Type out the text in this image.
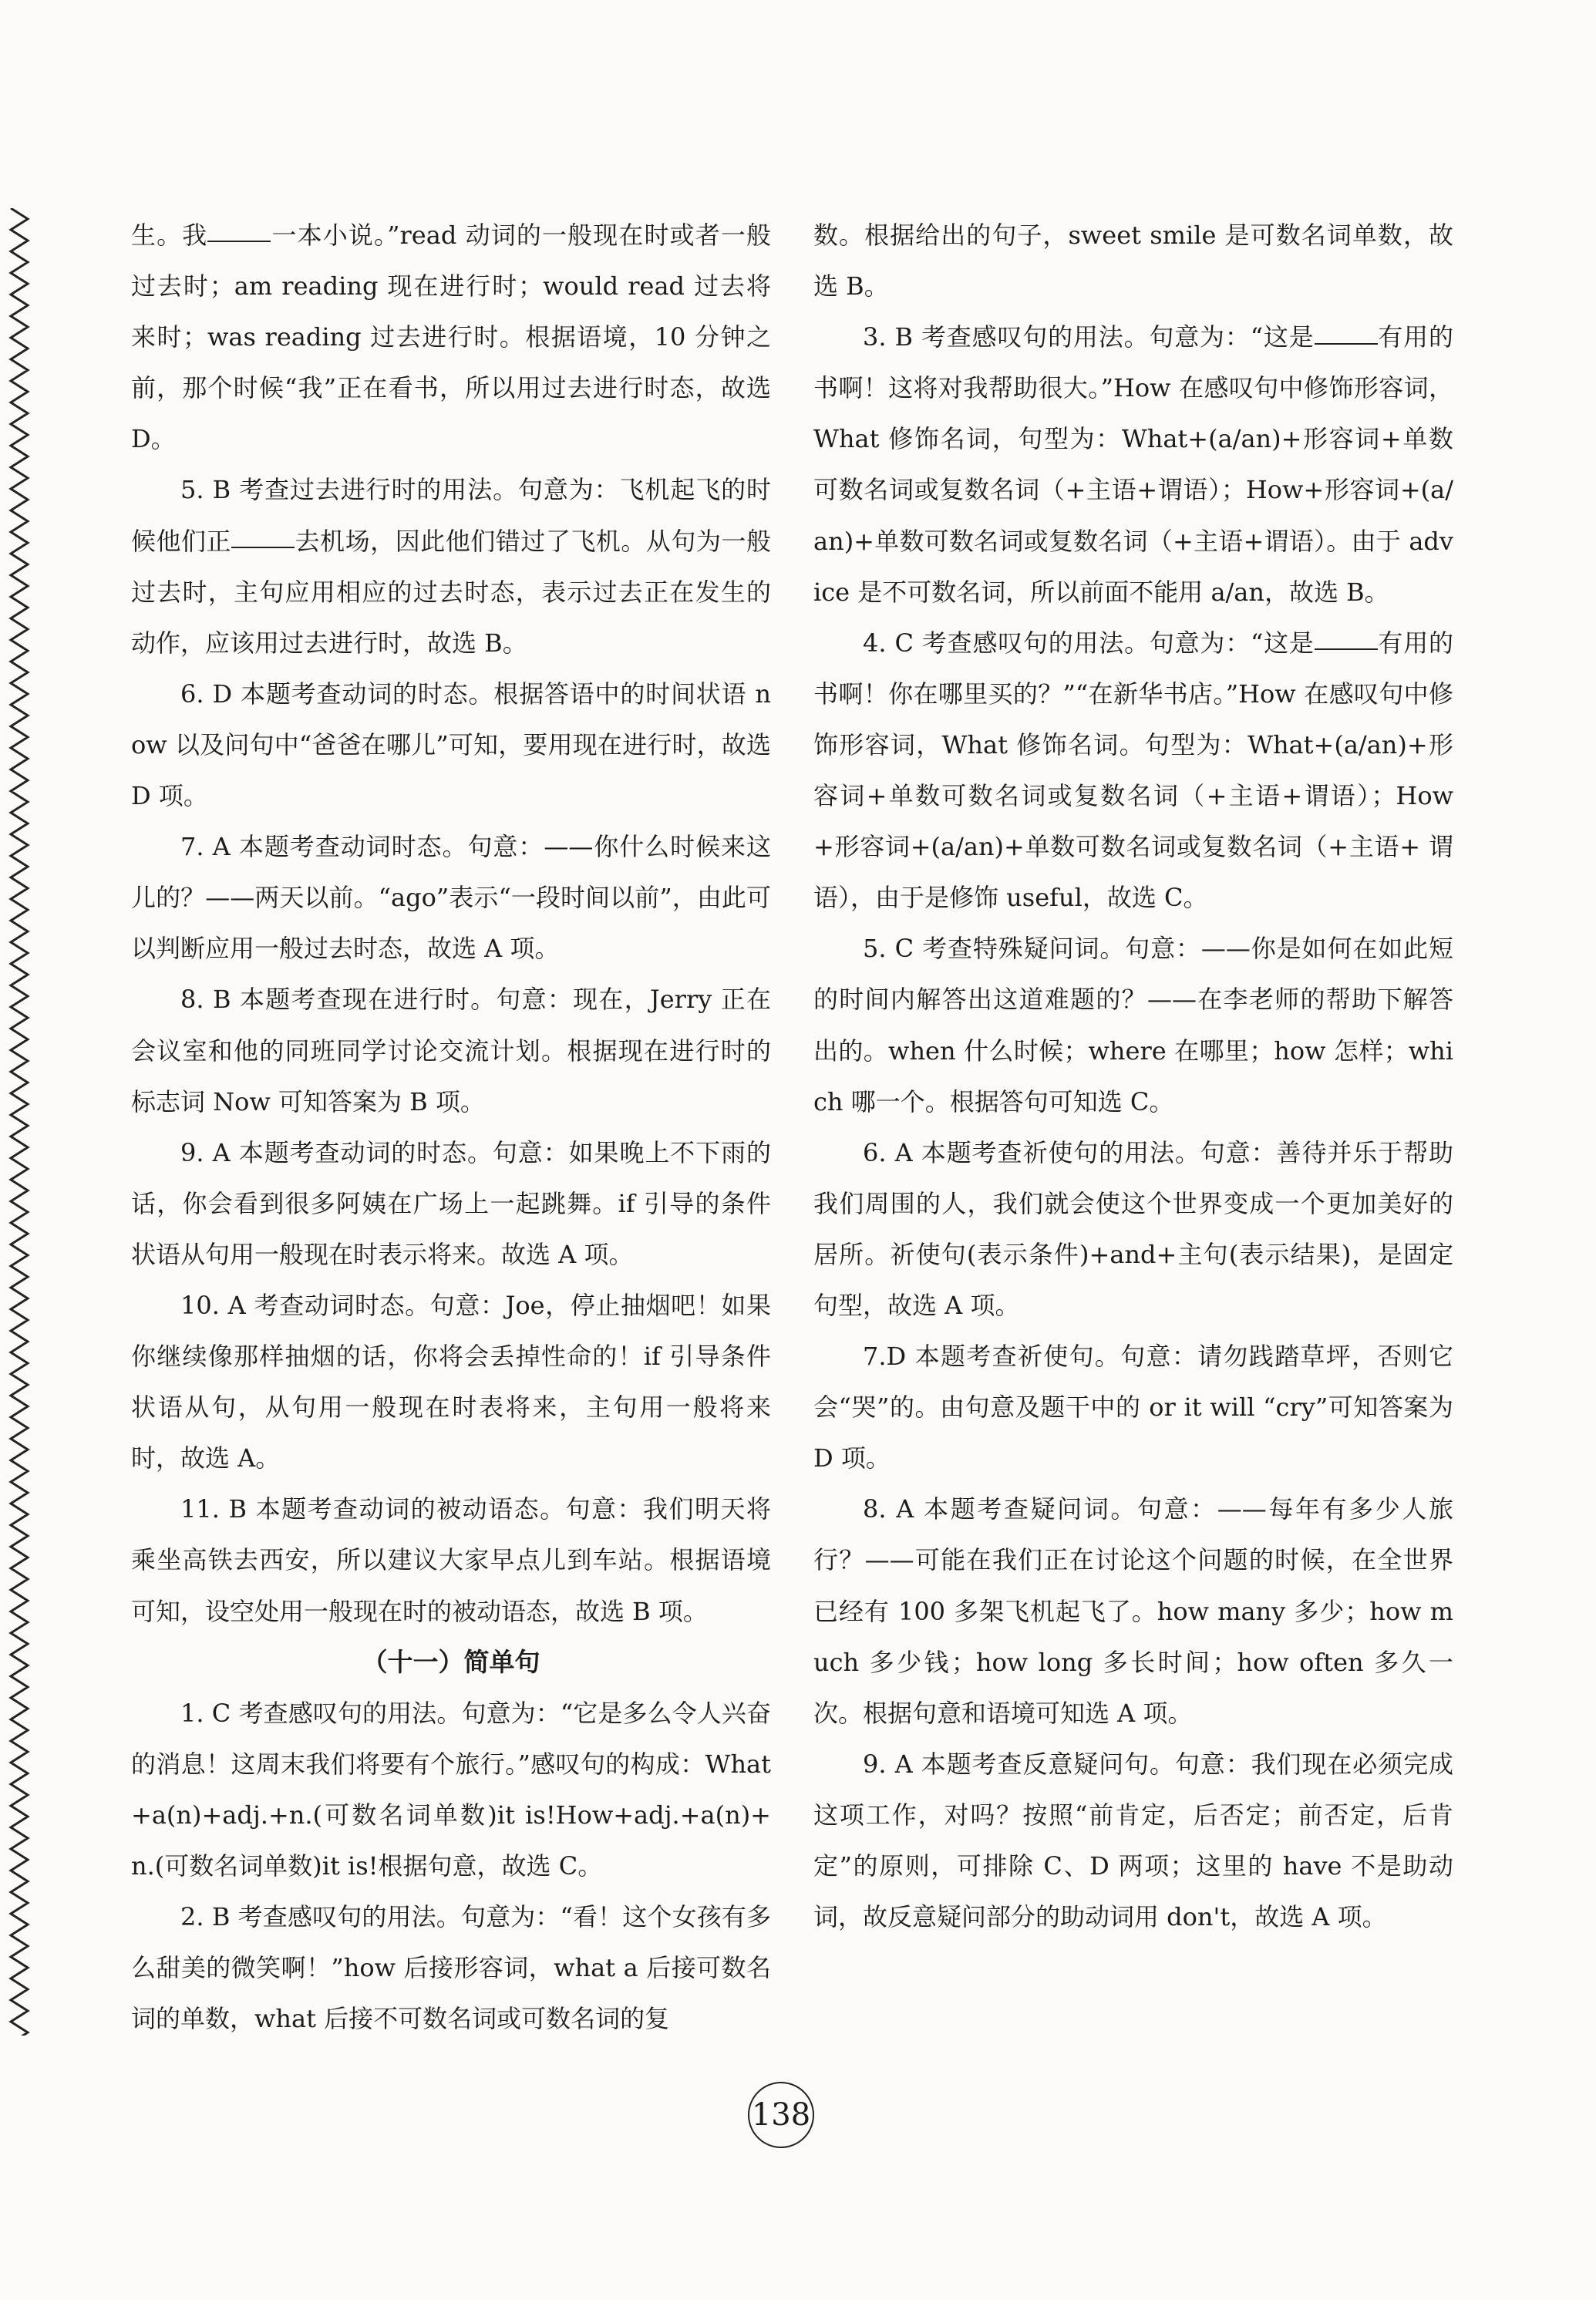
生。我	一本小说。”read 动词的一般现在时或者一般过去时；am reading 现在进行时；would read 过去将来时；was reading 过去进行时。根据语境，10 分钟之前，那个时候“我”正在看书，所以用过去进行时态，故选 D。

5. B 考查过去进行时的用法。句意为：飞机起飞的时候他们正	去机场，因此他们错过了飞机。从句为一般过去时，主句应用相应的过去时态，表示过去正在发生的动作，应该用过去进行时，故选 B。

6. D 本题考查动词的时态。根据答语中的时间状语 now 以及问句中“爸爸在哪儿”可知，要用现在进行时，故选 D 项。

7. A 本题考查动词时态。句意：——你什么时候来这儿的？——两天以前。“ago”表示“一段时间以前”，由此可以判断应用一般过去时态，故选 A 项。

8. B 本题考查现在进行时。句意：现在，Jerry 正在会议室和他的同班同学讨论交流计划。根据现在进行时的标志词 Now 可知答案为 B 项。

9. A 本题考查动词的时态。句意：如果晚上不下雨的话，你会看到很多阿姨在广场上一起跳舞。if 引导的条件状语从句用一般现在时表示将来。故选 A 项。

10. A 考查动词时态。句意：Joe，停止抽烟吧！如果你继续像那样抽烟的话，你将会丢掉性命的！if 引导条件状语从句，从句用一般现在时表将来，主句用一般将来时，故选 A。

11. B 本题考查动词的被动语态。句意：我们明天将乘坐高铁去西安，所以建议大家早点儿到车站。根据语境可知，设空处用一般现在时的被动语态，故选 B 项。

（十一）简单句

1. C 考查感叹句的用法。句意为：“它是多么令人兴奋的消息！这周末我们将要有个旅行。”感叹句的构成：What+a(n)+adj.+n.(可数名词单数)it is!How+adj.+a(n)+n.(可数名词单数)it is!根据句意，故选 C。

2. B 考查感叹句的用法。句意为：“看！这个女孩有多么甜美的微笑啊！”how 后接形容词，what a 后接可数名词的单数，what 后接不可数名词或可数名词的复

数。根据给出的句子，sweet smile 是可数名词单数，故选 B。

3. B 考查感叹句的用法。句意为：“这是	有用的书啊！这将对我帮助很大。”How 在感叹句中修饰形容词，What 修饰名词，句型为：What+(a/an)+形容词+单数可数名词或复数名词（+主语+谓语）；How+形容词+(a/an)+单数可数名词或复数名词（+主语+谓语）。由于 advice 是不可数名词，所以前面不能用 a/an，故选 B。

4. C 考查感叹句的用法。句意为：“这是	有用的书啊！你在哪里买的？”“在新华书店。”How 在感叹句中修饰形容词，What 修饰名词。句型为：What+(a/an)+形容词+单数可数名词或复数名词（+主语+谓语）；How+形容词+(a/an)+单数可数名词或复数名词（+主语+ 谓语），由于是修饰 useful，故选 C。

5. C 考查特殊疑问词。句意：——你是如何在如此短的时间内解答出这道难题的？——在李老师的帮助下解答出的。when 什么时候；where 在哪里；how 怎样；which 哪一个。根据答句可知选 C。

6. A 本题考查祈使句的用法。句意：善待并乐于帮助我们周围的人，我们就会使这个世界变成一个更加美好的居所。祈使句(表示条件)+and+主句(表示结果)，是固定句型，故选 A 项。

7.D 本题考查祈使句。句意：请勿践踏草坪，否则它会“哭”的。由句意及题干中的 or it will “cry”可知答案为 D 项。

8. A 本题考查疑问词。句意：——每年有多少人旅行？——可能在我们正在讨论这个问题的时候，在全世界已经有 100 多架飞机起飞了。how many 多少；how much 多少钱；how long 多长时间；how often 多久一次。根据句意和语境可知选 A 项。

9. A 本题考查反意疑问句。句意：我们现在必须完成这项工作，对吗？按照“前肯定，后否定；前否定，后肯定”的原则，可排除 C、D 两项；这里的 have 不是助动词，故反意疑问部分的助动词用 don't，故选 A 项。

138
